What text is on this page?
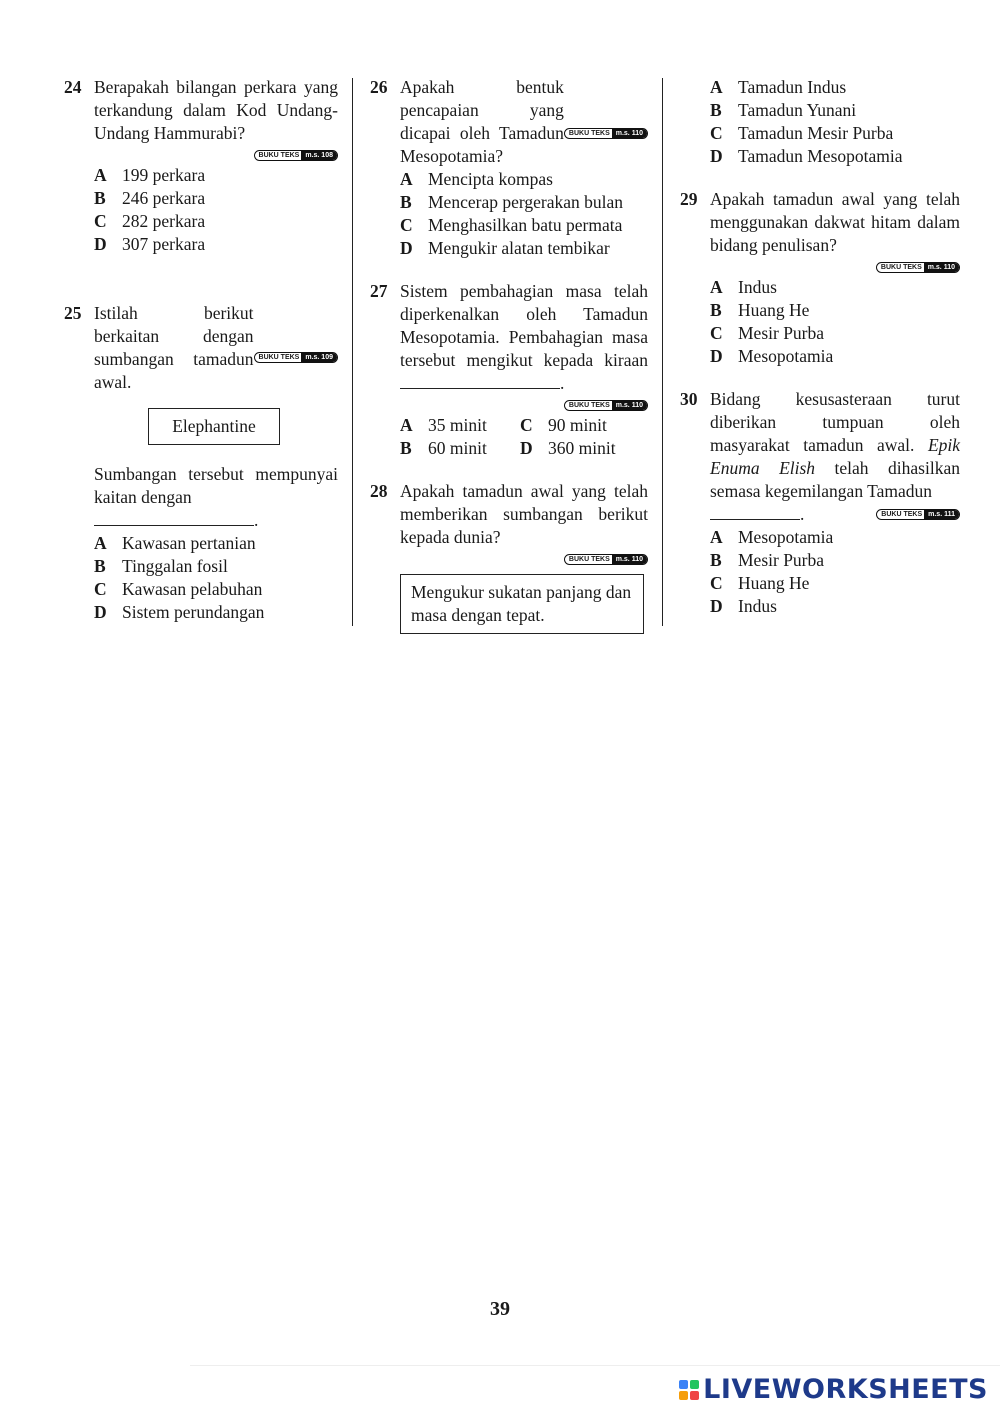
24 Berapakah bilangan perkara yang terkandung dalam Kod Undang-Undang Hammurabi?
BUKU TEKS m.s. 108
A 199 perkara
B 246 perkara
C 282 perkara
D 307 perkara
25
BUKU TEKS m.s. 109
Istilah berikut berkaitan dengan sumbangan tamadun awal.
Elephantine
Sumbangan tersebut mempunyai kaitan dengan
.
A Kawasan pertanian
B Tinggalan fosil
C Kawasan pelabuhan
D Sistem perundangan
26
BUKU TEKS m.s. 110
Apakah bentuk pencapaian yang dicapai oleh Tamadun Mesopotamia?
A Mencipta kompas
B Mencerap pergerakan bulan
C Menghasilkan batu permata
D Mengukir alatan tembikar
27 Sistem pembahagian masa telah diperkenalkan oleh Tamadun Mesopotamia. Pembahagian masa tersebut mengikut kepada kiraan .
BUKU TEKS m.s. 110
A 35 minit C 90 minit
B 60 minit D 360 minit
28 Apakah tamadun awal yang telah memberikan sumbangan berikut kepada dunia?
BUKU TEKS m.s. 110
Mengukur sukatan panjang dan masa dengan tepat.
A Tamadun Indus
B Tamadun Yunani
C Tamadun Mesir Purba
D Tamadun Mesopotamia
29 Apakah tamadun awal yang telah menggunakan dakwat hitam dalam bidang penulisan?
BUKU TEKS m.s. 110
A Indus
B Huang He
C Mesir Purba
D Mesopotamia
30 Bidang kesusasteraan turut diberikan tumpuan oleh masyarakat tamadun awal. Epik Enuma Elish telah dihasilkan semasa kegemilangan Tamadun
.	BUKU TEKS m.s. 111
A Mesopotamia
B Mesir Purba
C Huang He
D Indus
39
LIVEWORKSHEETS
